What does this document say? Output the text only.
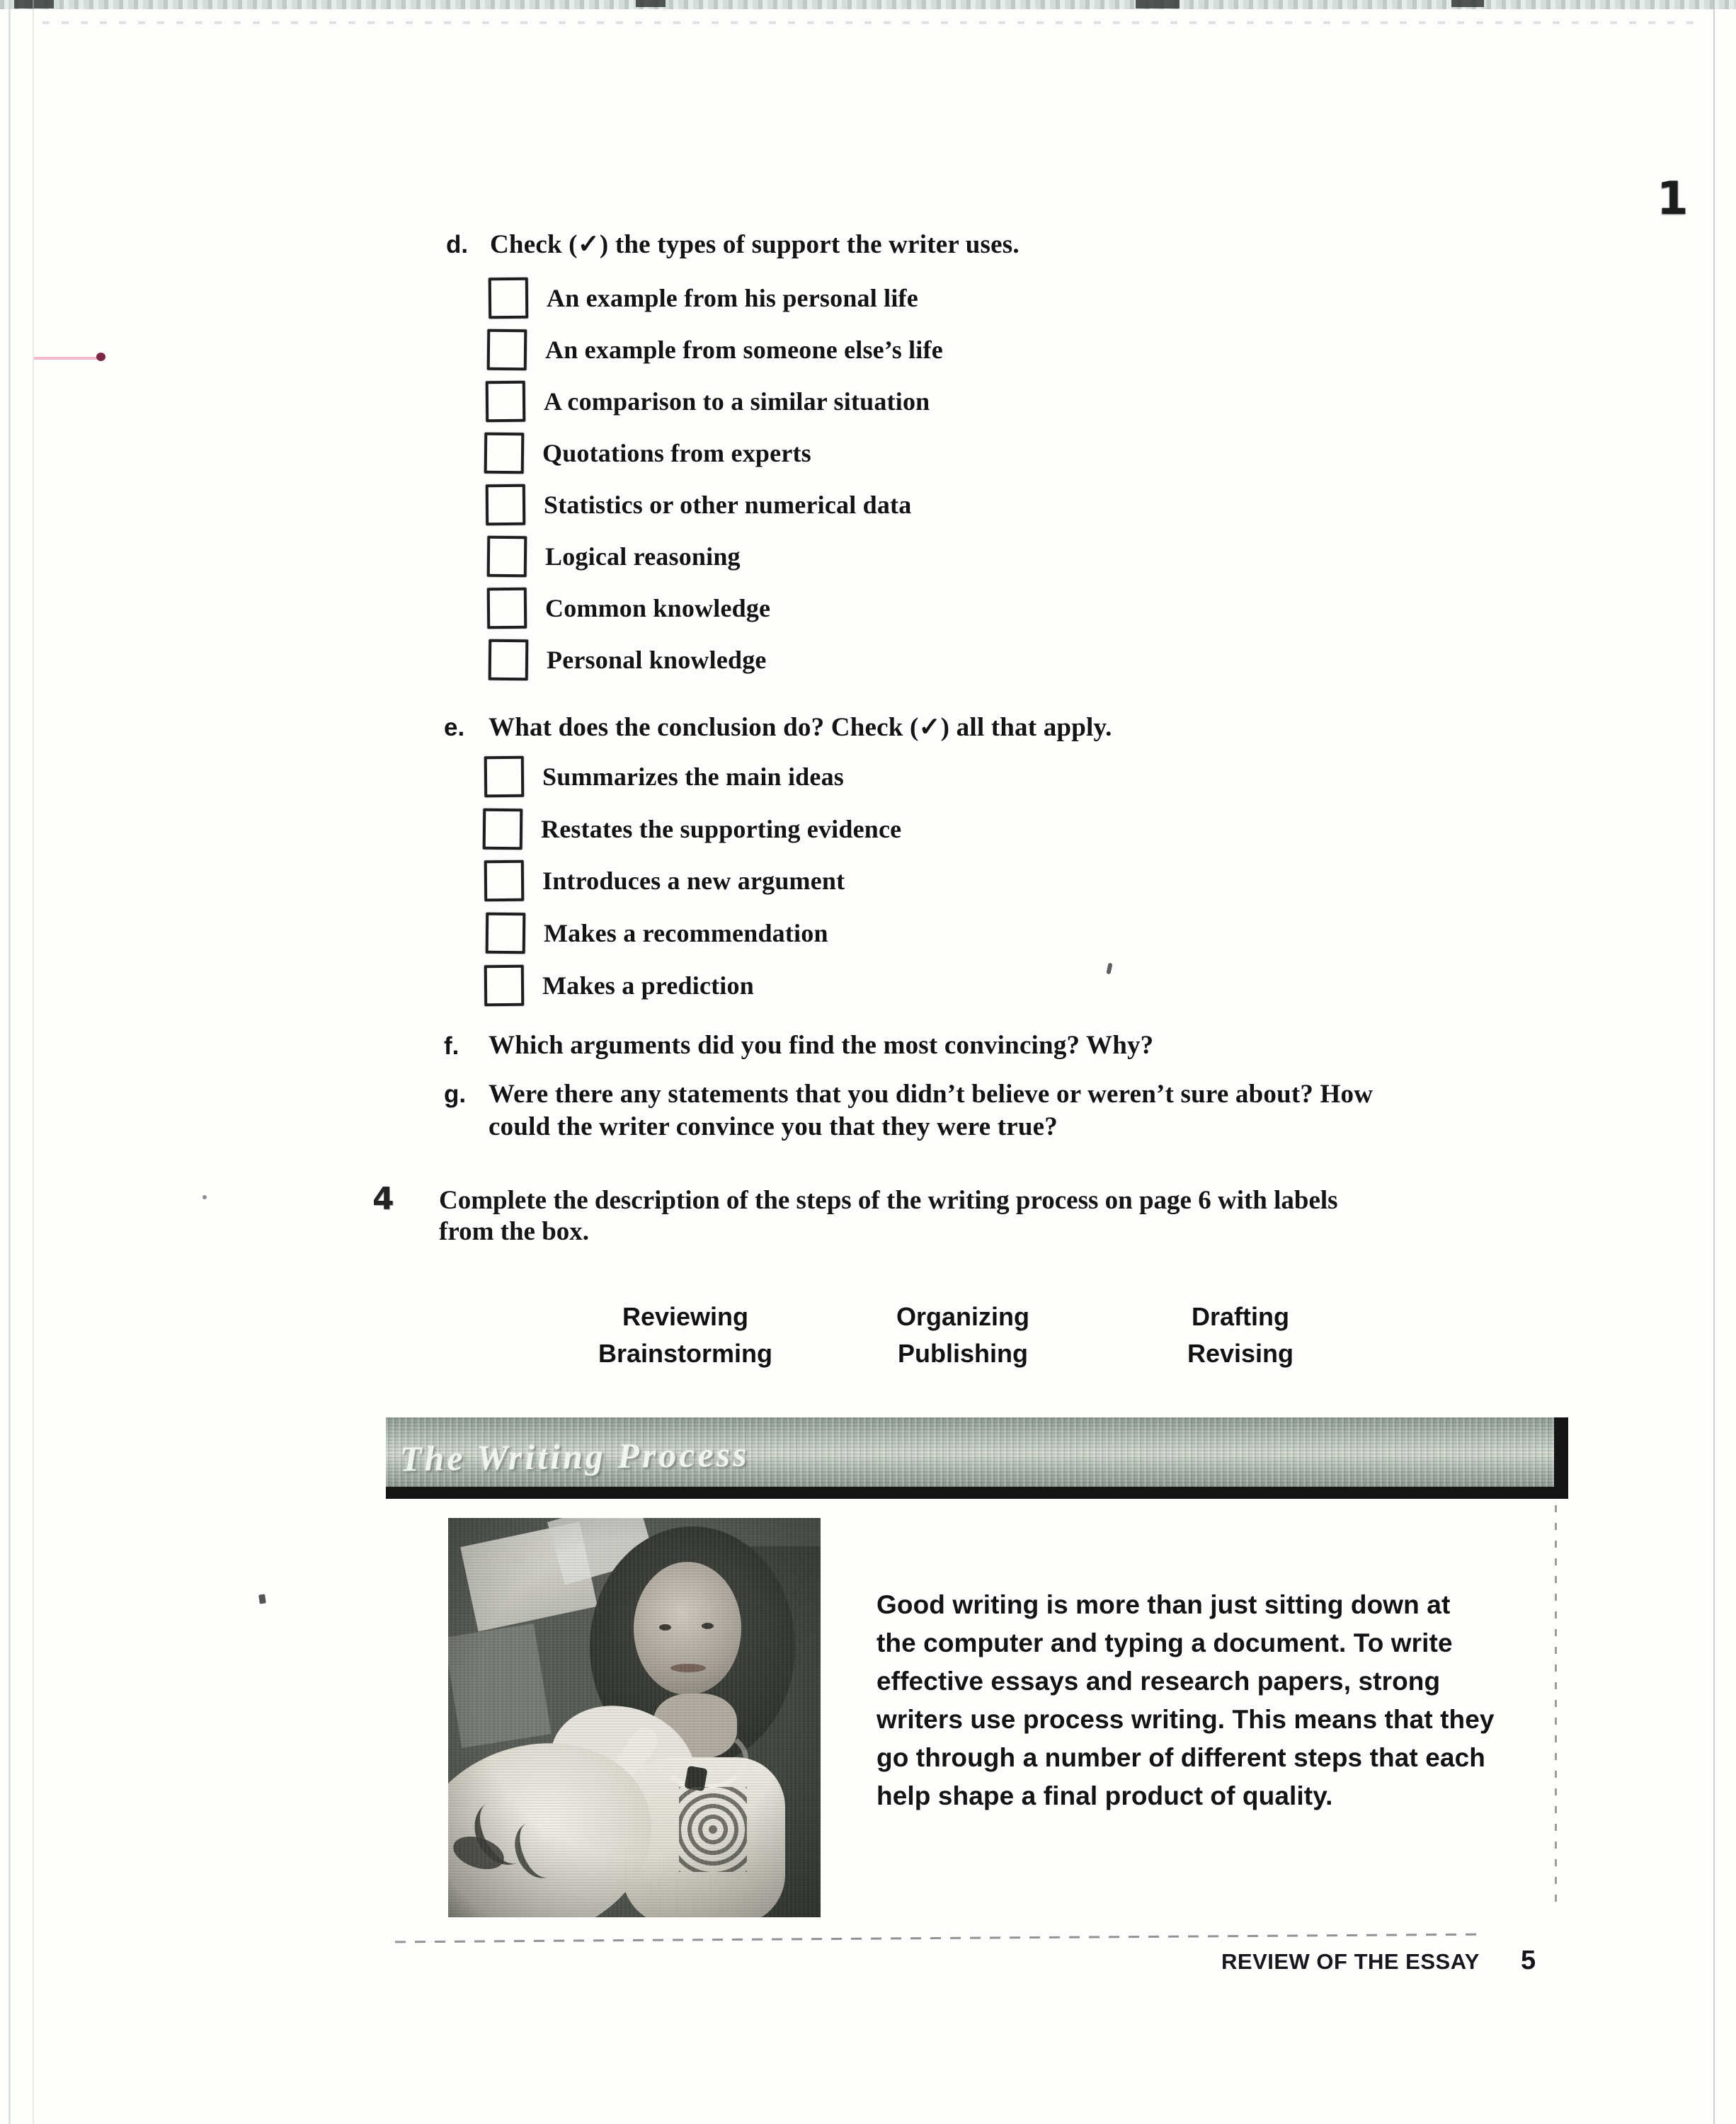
1
d. Check (✓) the types of support the writer uses.
An example from his personal life
An example from someone else’s life
A comparison to a similar situation
Quotations from experts
Statistics or other numerical data
Logical reasoning
Common knowledge
Personal knowledge
e. What does the conclusion do? Check (✓) all that apply.
Summarizes the main ideas
Restates the supporting evidence
Introduces a new argument
Makes a recommendation
Makes a prediction
f. Which arguments did you find the most convincing? Why?
g. Were there any statements that you didn’t believe or weren’t sure about? How
could the writer convince you that they were true?
4 Complete the description of the steps of the writing process on page 6 with labels
from the box.
Reviewing
Brainstorming
Organizing
Publishing
Drafting
Revising
The Writing Process
Good writing is more than just sitting down at
the computer and typing a document. To write
effective essays and research papers, strong
writers use process writing. This means that they
go through a number of different steps that each
help shape a final product of quality.
REVIEW OF THE ESSAY 5
